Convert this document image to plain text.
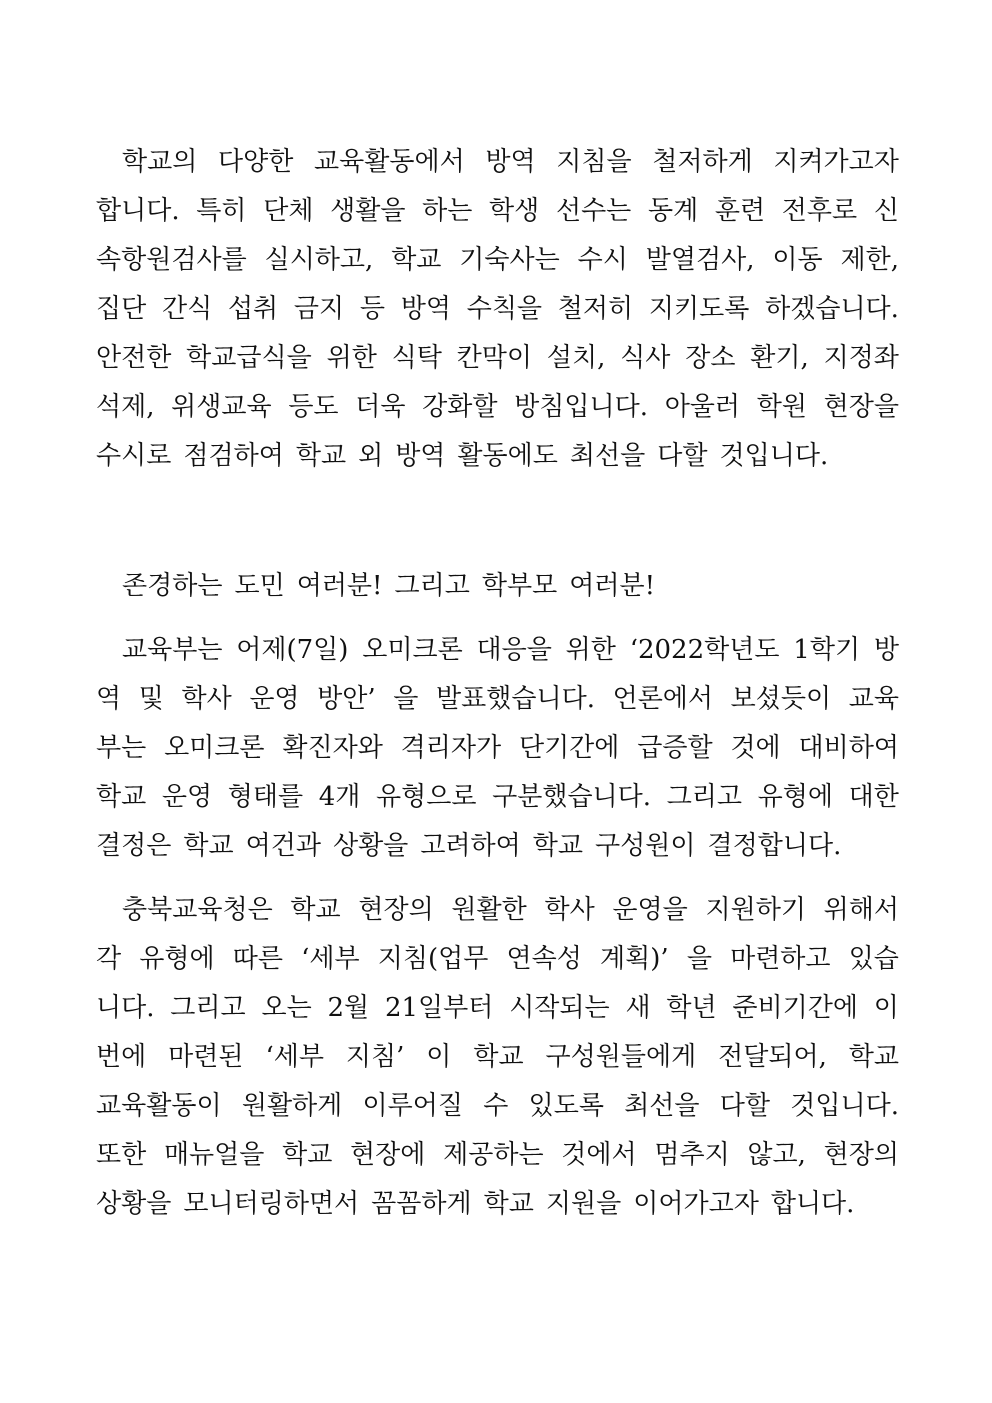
학교의 다양한 교육활동에서 방역 지침을 철저하게 지켜가고자
합니다. 특히 단체 생활을 하는 학생 선수는 동계 훈련 전후로 신
속항원검사를 실시하고, 학교 기숙사는 수시 발열검사, 이동 제한,
집단 간식 섭취 금지 등 방역 수칙을 철저히 지키도록 하겠습니다.
안전한 학교급식을 위한 식탁 칸막이 설치, 식사 장소 환기, 지정좌
석제, 위생교육 등도 더욱 강화할 방침입니다. 아울러 학원 현장을
수시로 점검하여 학교 외 방역 활동에도 최선을 다할 것입니다.
존경하는 도민 여러분! 그리고 학부모 여러분!
교육부는 어제(7일) 오미크론 대응을 위한 ‘2022학년도 1학기 방
역 및 학사 운영 방안’ 을 발표했습니다. 언론에서 보셨듯이 교육
부는 오미크론 확진자와 격리자가 단기간에 급증할 것에 대비하여
학교 운영 형태를 4개 유형으로 구분했습니다. 그리고 유형에 대한
결정은 학교 여건과 상황을 고려하여 학교 구성원이 결정합니다.
충북교육청은 학교 현장의 원활한 학사 운영을 지원하기 위해서
각 유형에 따른 ‘세부 지침(업무 연속성 계획)’ 을 마련하고 있습
니다. 그리고 오는 2월 21일부터 시작되는 새 학년 준비기간에 이
번에 마련된 ‘세부 지침’ 이 학교 구성원들에게 전달되어, 학교
교육활동이 원활하게 이루어질 수 있도록 최선을 다할 것입니다.
또한 매뉴얼을 학교 현장에 제공하는 것에서 멈추지 않고, 현장의
상황을 모니터링하면서 꼼꼼하게 학교 지원을 이어가고자 합니다.
